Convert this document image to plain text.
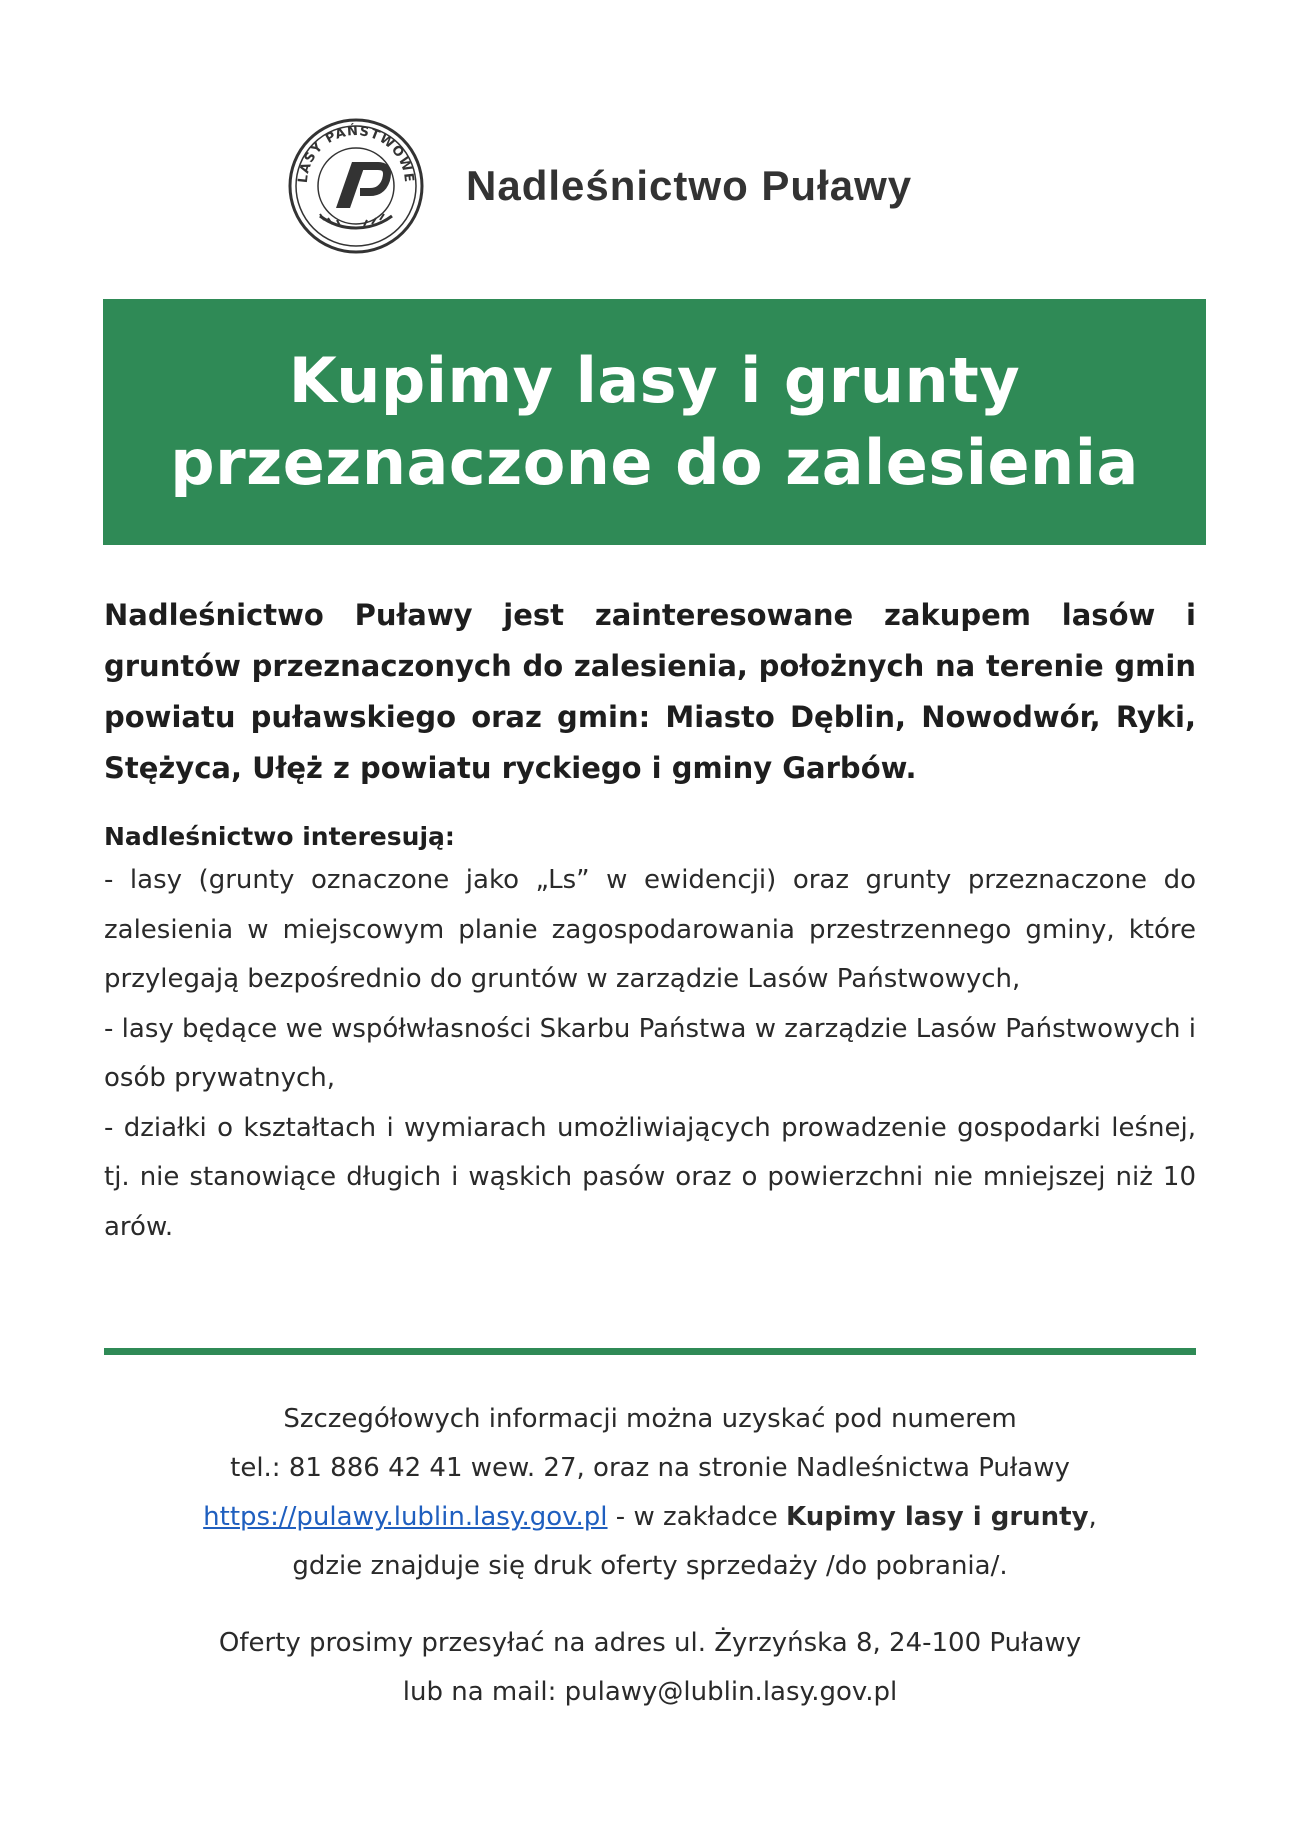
LASY PAŃSTWOWE Nadleśnictwo Puławy
Kupimy lasy i grunty
przeznaczone do zalesienia
Nadleśnictwo Puławy jest zainteresowane zakupem lasów i gruntów przeznaczonych do zalesienia, położnych na terenie gmin powiatu puławskiego oraz gmin: Miasto Dęblin, Nowodwór, Ryki, Stężyca, Ułęż z powiatu ryckiego i gminy Garbów.
Nadleśnictwo interesują:

- lasy (grunty oznaczone jako „Ls” w ewidencji) oraz grunty przeznaczone do zalesienia w miejscowym planie zagospodarowania przestrzennego gminy, które przylegają bezpośrednio do gruntów w zarządzie Lasów Państwowych,

- lasy będące we współwłasności Skarbu Państwa w zarządzie Lasów Państwowych i osób prywatnych,

- działki o kształtach i wymiarach umożliwiających prowadzenie gospodarki leśnej, tj. nie stanowiące długich i wąskich pasów oraz o powierzchni nie mniejszej niż 10 arów.

Szczegółowych informacji można uzyskać pod numerem

tel.: 81 886 42 41 wew. 27, oraz na stronie Nadleśnictwa Puławy

https://pulawy.lublin.lasy.gov.pl - w zakładce Kupimy lasy i grunty,

gdzie znajduje się druk oferty sprzedaży /do pobrania/.

Oferty prosimy przesyłać na adres ul. Żyrzyńska 8, 24-100 Puławy

lub na mail: pulawy@lublin.lasy.gov.pl
